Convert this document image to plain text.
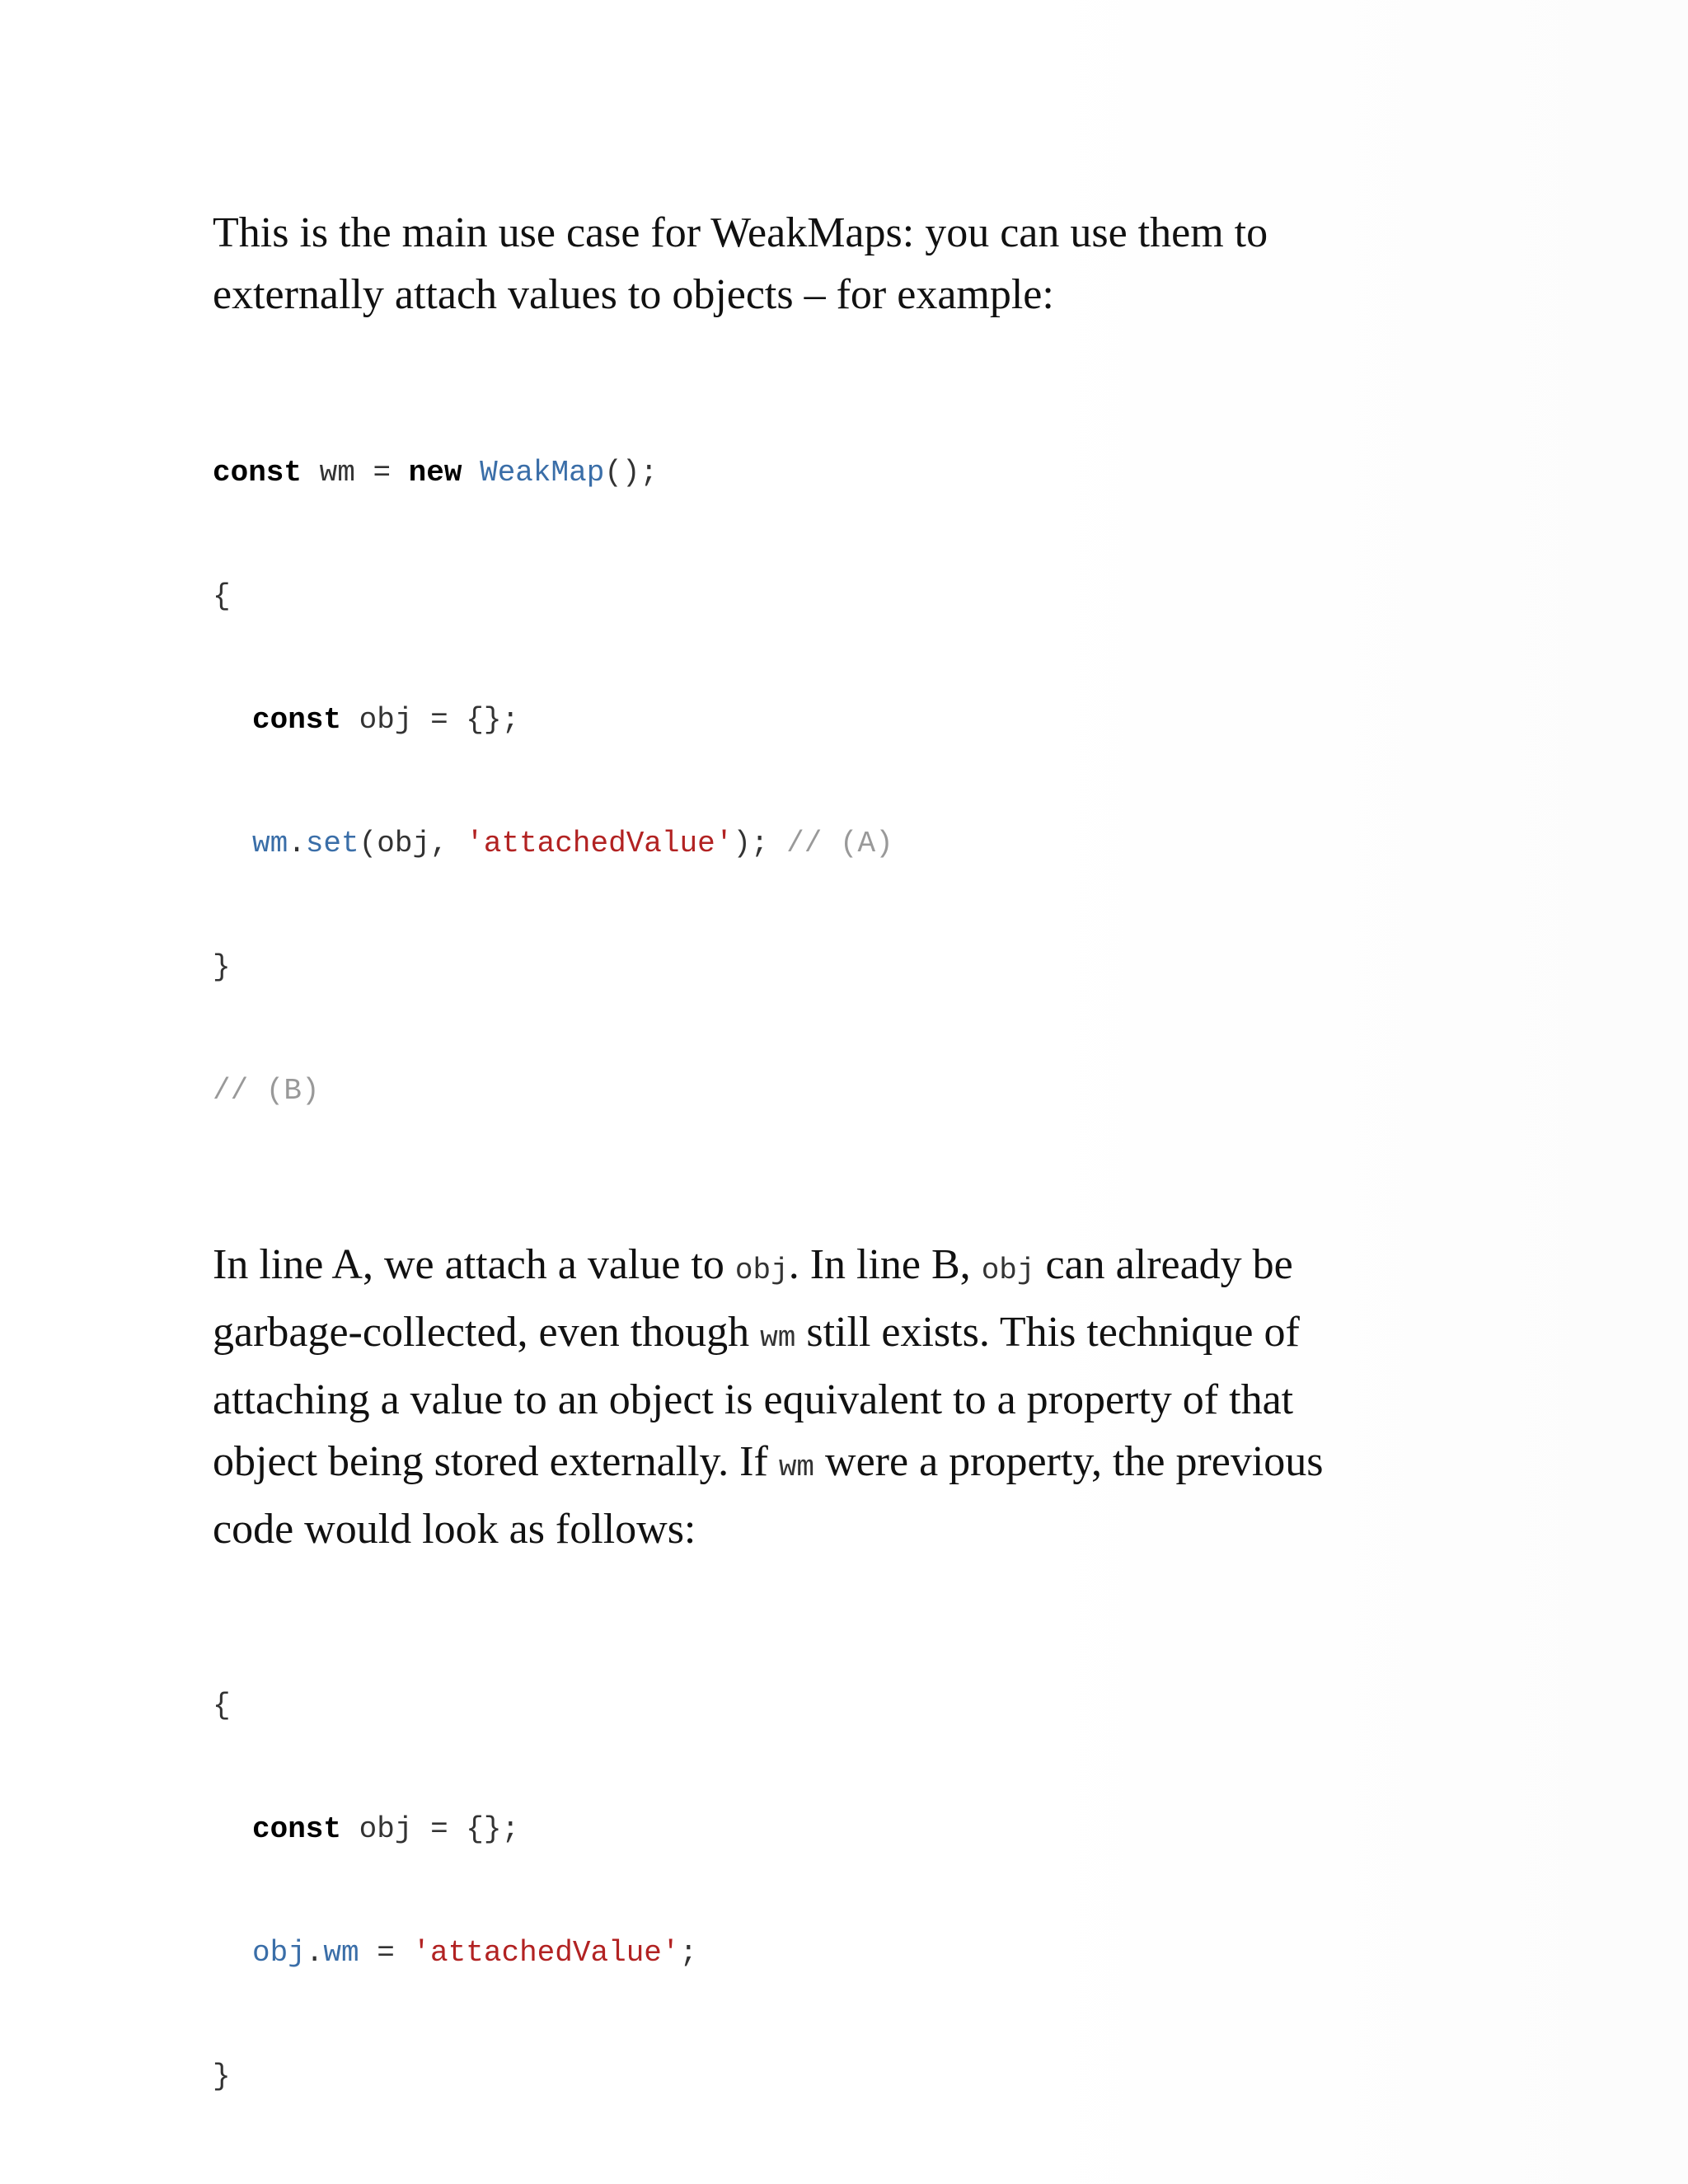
This is the main use case for WeakMaps: you can use them to
externally attach values to objects – for example:

const wm = new WeakMap();

{

const obj = {};

wm.set(obj, 'attachedValue'); // (A)

}

// (B)

In line A, we attach a value to obj. In line B, obj can already be
garbage-collected, even though wm still exists. This technique of
attaching a value to an object is equivalent to a property of that
object being stored externally. If wm were a property, the previous
code would look as follows:

{

const obj = {};

obj.wm = 'attachedValue';

}
